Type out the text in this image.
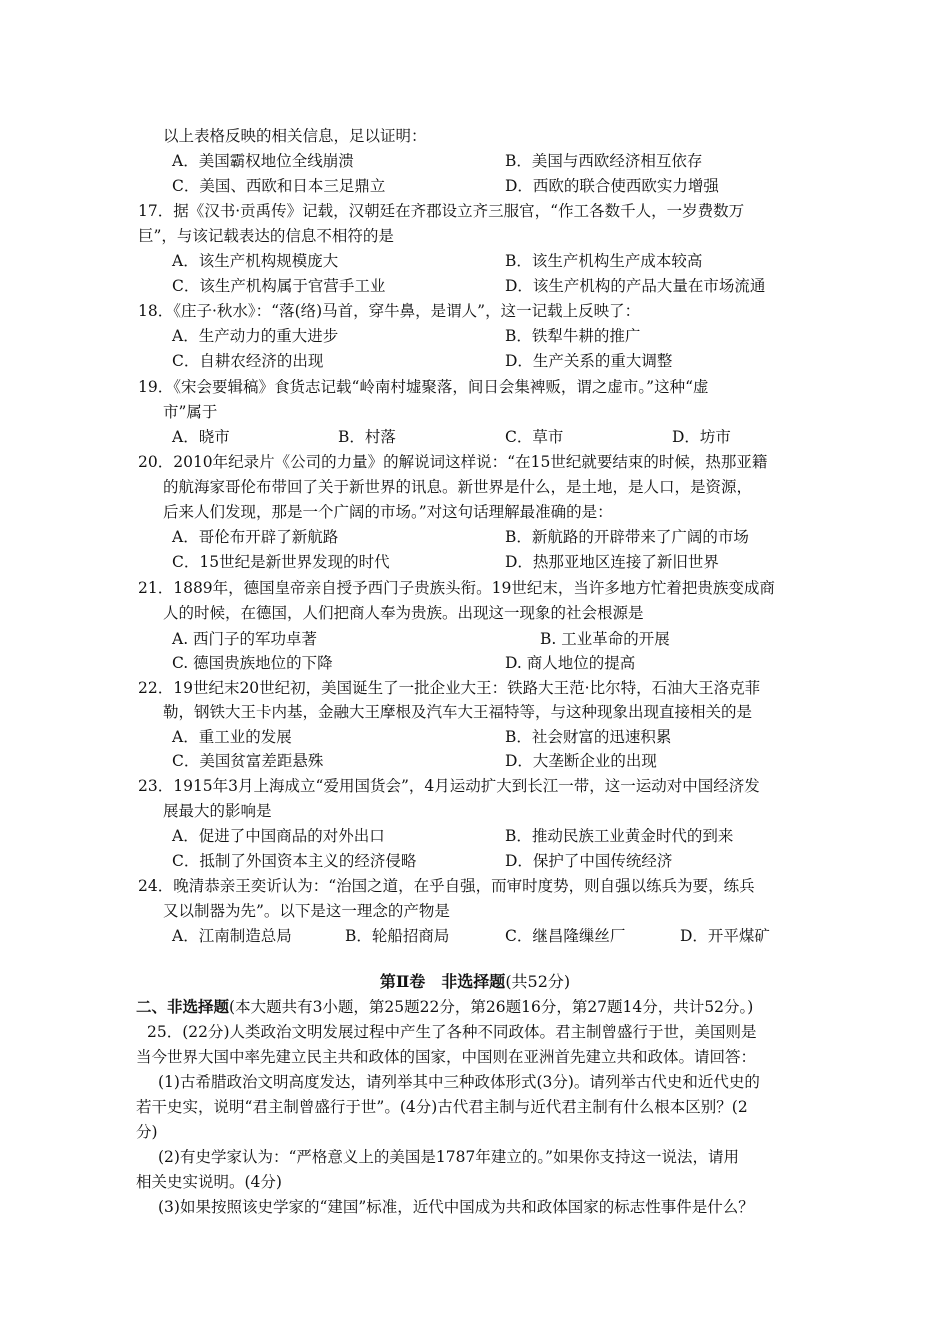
以上表格反映的相关信息，足以证明：
A．美国霸权地位全线崩溃	B．美国与西欧经济相互依存
C．美国、西欧和日本三足鼎立	D．西欧的联合使西欧实力增强
17．据《汉书·贡禹传》记载，汉朝廷在齐郡设立齐三服官，“作工各数千人，一岁费数万
巨”，与该记载表达的信息不相符的是
A．该生产机构规模庞大	B．该生产机构生产成本较高
C．该生产机构属于官营手工业	D．该生产机构的产品大量在市场流通
18．《庄子·秋水》：“落(络)马首，穿牛鼻，是谓人”，这一记载上反映了：
A．生产动力的重大进步	B．铁犁牛耕的推广
C．自耕农经济的出现	D．生产关系的重大调整
19．《宋会要辑稿》食货志记载“岭南村墟聚落，间日会集裨贩，谓之虚市。”这种“虚
市”属于
A．晓市	B．村落	C．草市	D．坊市
20．2010年纪录片《公司的力量》的解说词这样说：“在15世纪就要结束的时候，热那亚籍
的航海家哥伦布带回了关于新世界的讯息。新世界是什么，是土地，是人口，是资源，
后来人们发现，那是一个广阔的市场。”对这句话理解最准确的是：
A．哥伦布开辟了新航路	B．新航路的开辟带来了广阔的市场
C．15世纪是新世界发现的时代	D．热那亚地区连接了新旧世界
21．1889年，德国皇帝亲自授予西门子贵族头衔。19世纪末，当许多地方忙着把贵族变成商
人的时候，在德国，人们把商人奉为贵族。出现这一现象的社会根源是
A. 西门子的军功卓著	B. 工业革命的开展
C. 德国贵族地位的下降	D. 商人地位的提高
22．19世纪末20世纪初，美国诞生了一批企业大王：铁路大王范·比尔特，石油大王洛克菲
勒，钢铁大王卡内基，金融大王摩根及汽车大王福特等，与这种现象出现直接相关的是
A．重工业的发展	B．社会财富的迅速积累
C．美国贫富差距悬殊	D．大垄断企业的出现
23．1915年3月上海成立“爱用国货会”，4月运动扩大到长江一带，这一运动对中国经济发
展最大的影响是
A．促进了中国商品的对外出口	B．推动民族工业黄金时代的到来
C．抵制了外国资本主义的经济侵略	D．保护了中国传统经济
24．晚清恭亲王奕䜣认为：“治国之道，在乎自强，而审时度势，则自强以练兵为要，练兵
又以制器为先”。以下是这一理念的产物是
A．江南制造总局	B．轮船招商局	C．继昌隆缫丝厂	D．开平煤矿
第Ⅱ卷　非选择题(共52分)
二、非选择题(本大题共有3小题，第25题22分，第26题16分，第27题14分，共计52分。)
25．(22分)人类政治文明发展过程中产生了各种不同政体。君主制曾盛行于世，美国则是
当今世界大国中率先建立民主共和政体的国家，中国则在亚洲首先建立共和政体。请回答：
(1)古希腊政治文明高度发达，请列举其中三种政体形式(3分)。请列举古代史和近代史的
若干史实，说明“君主制曾盛行于世”。(4分)古代君主制与近代君主制有什么根本区别？(2
分)
(2)有史学家认为：“严格意义上的美国是1787年建立的。”如果你支持这一说法，请用
相关史实说明。(4分)
(3)如果按照该史学家的“建国”标准，近代中国成为共和政体国家的标志性事件是什么？
